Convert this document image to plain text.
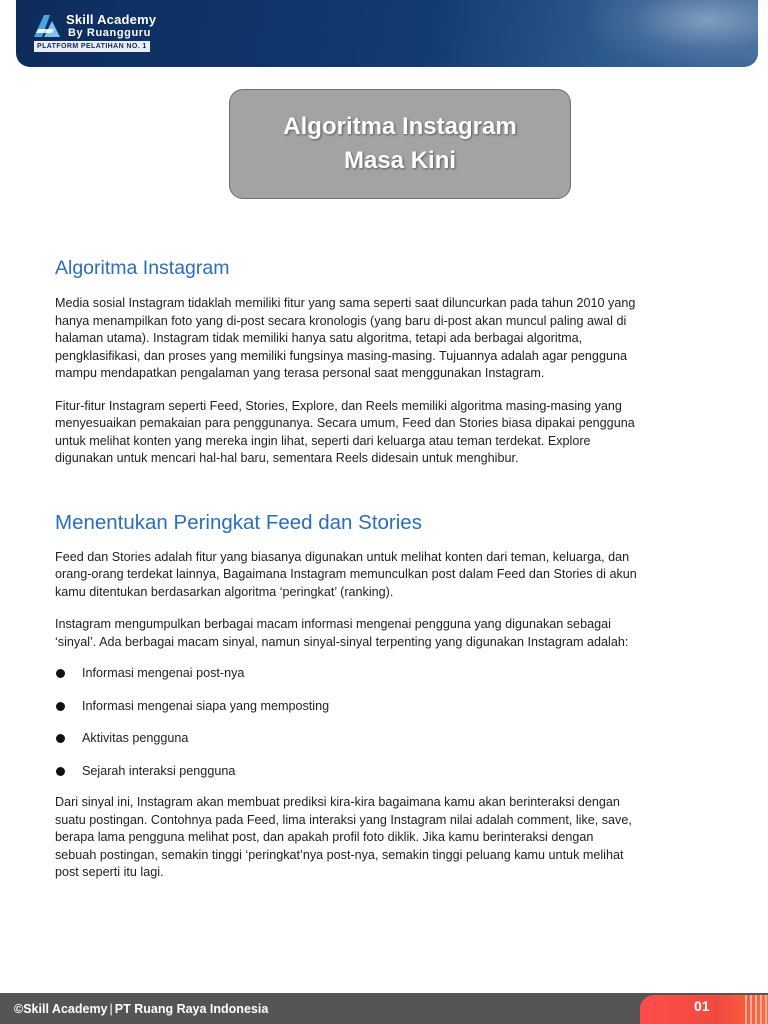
Skill Academy
By Ruangguru
PLATFORM PELATIHAN NO. 1
Algoritma Instagram
Masa Kini
Algoritma Instagram

Media sosial Instagram tidaklah memiliki fitur yang sama seperti saat diluncurkan pada tahun 2010 yang
hanya menampilkan foto yang di-post secara kronologis (yang baru di-post akan muncul paling awal di
halaman utama). Instagram tidak memiliki hanya satu algoritma, tetapi ada berbagai algoritma,
pengklasifikasi, dan proses yang memiliki fungsinya masing-masing. Tujuannya adalah agar pengguna
mampu mendapatkan pengalaman yang terasa personal saat menggunakan Instagram.

Fitur-fitur Instagram seperti Feed, Stories, Explore, dan Reels memiliki algoritma masing-masing yang
menyesuaikan pemakaian para penggunanya. Secara umum, Feed dan Stories biasa dipakai pengguna
untuk melihat konten yang mereka ingin lihat, seperti dari keluarga atau teman terdekat. Explore
digunakan untuk mencari hal-hal baru, sementara Reels didesain untuk menghibur.

Menentukan Peringkat Feed dan Stories

Feed dan Stories adalah fitur yang biasanya digunakan untuk melihat konten dari teman, keluarga, dan
orang-orang terdekat lainnya, Bagaimana Instagram memunculkan post dalam Feed dan Stories di akun
kamu ditentukan berdasarkan algoritma ‘peringkat’ (ranking).

Instagram mengumpulkan berbagai macam informasi mengenai pengguna yang digunakan sebagai
‘sinyal’. Ada berbagai macam sinyal, namun sinyal-sinyal terpenting yang digunakan Instagram adalah:

Informasi mengenai post-nya
Informasi mengenai siapa yang memposting
Aktivitas pengguna
Sejarah interaksi pengguna

Dari sinyal ini, Instagram akan membuat prediksi kira-kira bagaimana kamu akan berinteraksi dengan
suatu postingan. Contohnya pada Feed, lima interaksi yang Instagram nilai adalah comment, like, save,
berapa lama pengguna melihat post, dan apakah profil foto diklik. Jika kamu berinteraksi dengan
sebuah postingan, semakin tinggi ‘peringkat’nya post-nya, semakin tinggi peluang kamu untuk melihat
post seperti itu lagi.

©Skill Academy | PT Ruang Raya Indonesia	01
